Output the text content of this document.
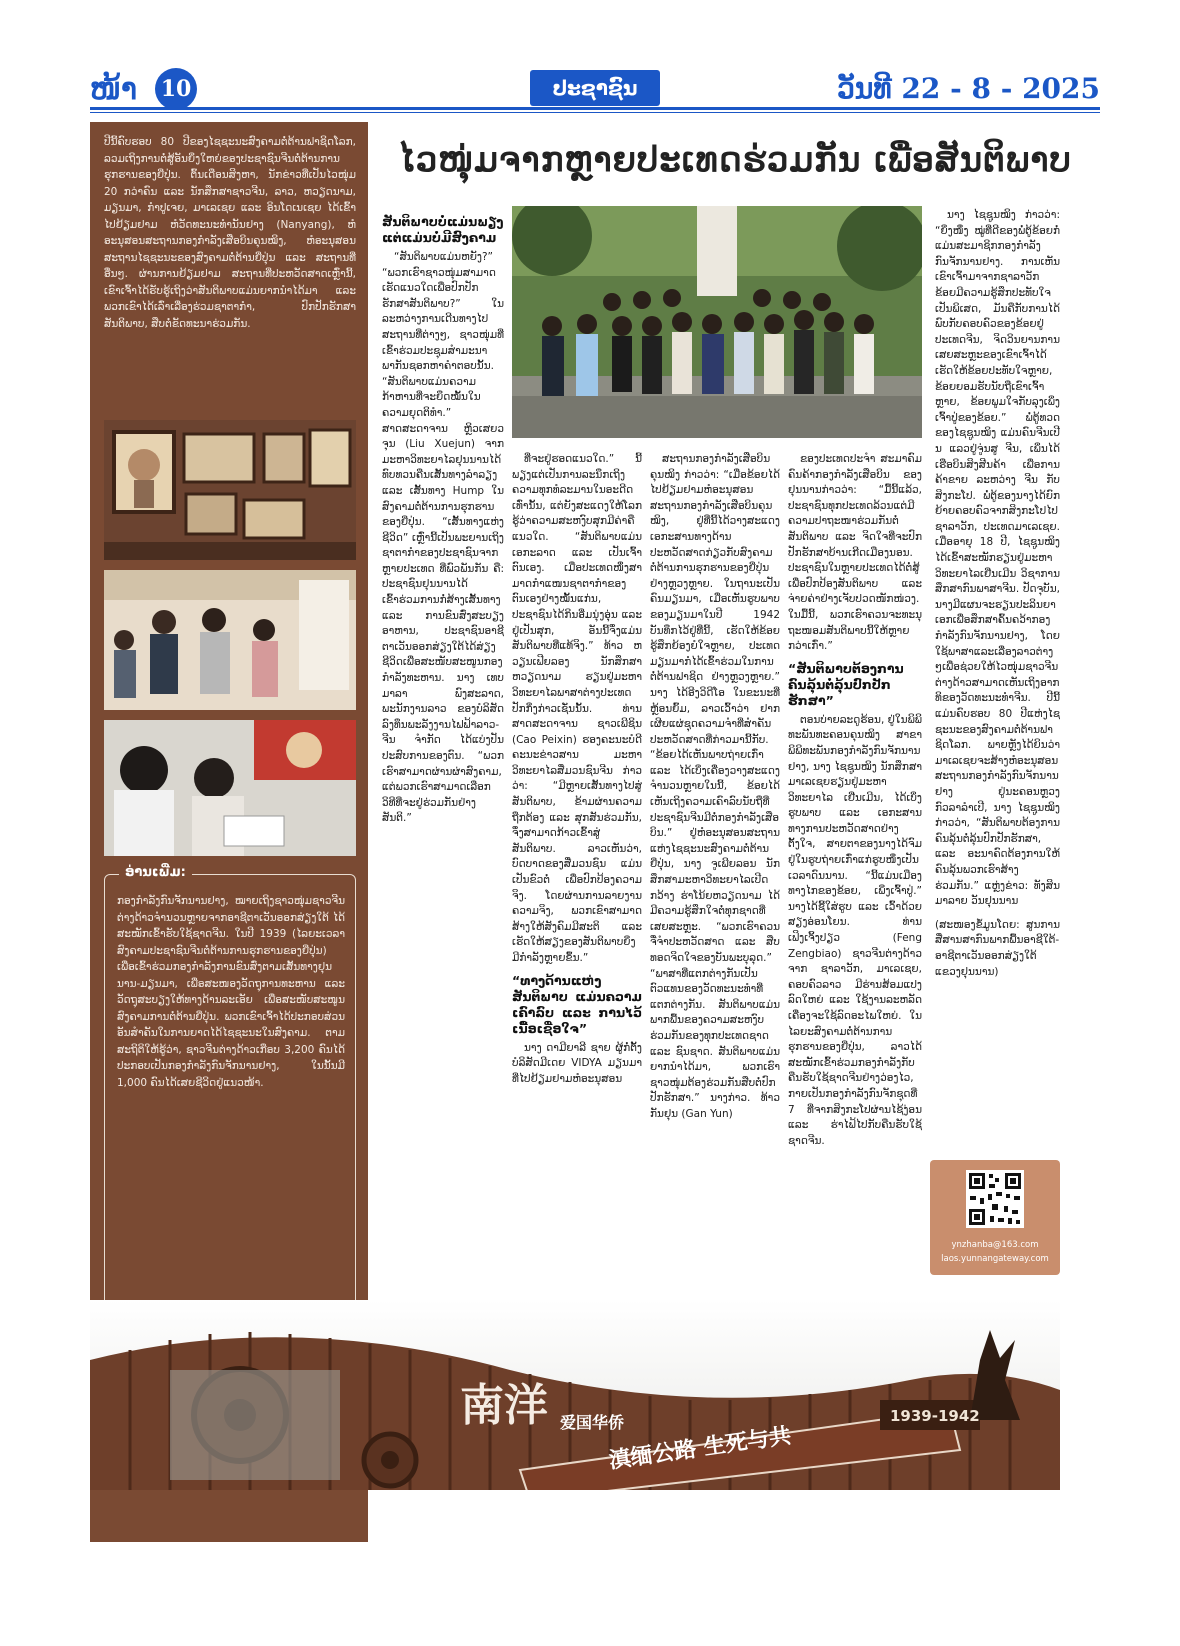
ໜ້າ 10	ປະຊາຊົນ	ວັນທີ 22 - 8 - 2025
ປີນີ້ຄົບຮອບ 80 ປີຂອງໄຊຊະນະສົງຄາມຕໍ່ຕ້ານຟາຊິດໂລກ, ລວມເຖິງການຕໍ່ສູ້ອັນຍິ່ງໃຫຍ່ຂອງປະຊາຊົນຈີນຕໍ່ຕ້ານການຮຸກຮານຂອງຍີ່ປຸ່ນ. ຕົ້ນເດືອນສິງຫາ, ນັກຂ່າວທີ່ເປັນໄວໜຸ່ມ 20 ກວ່າຄົນ ແລະ ນັກສຶກສາຊາວຈີນ, ລາວ, ຫວຽດນາມ, ມຽນມາ, ກຳປູເຈຍ, ມາເລເຊຍ ແລະ ອິນໂດເນເຊຍ ໄດ້ເຂົ້າໄປຢ້ຽມຢາມ ຫໍວັດທະນະທຳນັນຢາງ (Nanyang), ຫໍອະນຸສອນສະຖານກອງກຳລັງເສືອບິນຄຸນໝິງ, ຫໍອະນຸສອນສະຖານໄຊຊະນະຂອງສົງຄາມຕໍ່ຕ້ານຍີ່ປຸ່ນ ແລະ ສະຖານທີ່ອື່ນໆ. ຜ່ານການຢ້ຽມຢາມ ສະຖານທີ່ປະຫວັດສາດເຫຼົ່ານີ້, ເຂົາເຈົ້າໄດ້ຮັບຮູ້ເຖິງວ່າສັນຕິພາບແມ່ນຍາກນຳໄດ້ມາ ແລະ ພວກເຂົາໄດ້ເລົ່າເລື່ອງຮ່ວມຊາຕາກຳ, ປົກປັກຮັກສາສັນຕິພາບ, ສືບຕໍ່ຂັດທະນາຮ່ວມກັນ.
ອ່ານເພີ່ມ:
ກອງກຳລັງກົນຈັກນານຢາງ, ໝາຍເຖິງຊາວໜຸ່ມຊາວຈີນຕ່າງດ້າວຈຳນວນຫຼາຍຈາກອາຊີຕາເວັນອອກສ່ຽງໃຕ້ ໄດ້ສະໝັກເຂົ້າຮັບໃຊ້ຊາດຈີນ. ໃນປີ 1939 (ໄລຍະເວລາສົງຄາມປະຊາຊົນຈີນຕໍ່ຕ້ານການຮຸກຮານຂອງຍີ່ປຸ່ນ) ເພື່ອເຂົ້າຮ່ວມກອງກຳລັງການຂົນສົ່ງຕາມເສັ້ນທາງຢຸນນານ-ມຽນມາ, ເພື່ອສະໜອງວັດຖຸການທະຫານ ແລະ ວັດຖຸສະບຽງໃຫ້ທາງດ້ານລະເອັຍ ເພື່ອສະໜັບສະໜູນສົງຄາມການຕໍ່ຕ້ານຍີ່ປຸ່ນ. ພວກເຂົາເຈົ້າໄດ້ປະກອບສ່ວນອັນສຳຄັນໃນການຍາດໄດ້ໄຊຊະນະໃນສົງຄາມ. ຕາມສະຖິຕິໃຫ້ຮູ້ວ່າ, ຊາວຈີນຕ່າງດ້າວເກືອບ 3,200 ຄົນໄດ້ປະກອບເປັນກອງກຳລັງກົນຈັກນານຢາງ, ໃນນັ້ນມີ 1,000 ຄົນໄດ້ເສຍຊີວິດຢູ່ແນວໜ້າ.
ໄວໜຸ່ມຈາກຫຼາຍປະເທດຮ່ວມກັນ ເພື່ອສັນຕິພາບ
ສັນຕິພາບບໍ່ແມ່ນພຽງແຕ່ແມ່ນບໍ່ມີສົງຄາມ

“ສັນຕິພາບແມ່ນຫຍັງ?” “ພວກເຮົາຊາວໜຸ່ມສາມາດເຮັດແນວໃດເພື່ອປົກປັກຮັກສາສັນຕິພາບ?” ໃນລະຫວ່າງການເດີນທາງໄປສະຖານທີ່ຕ່າງໆ, ຊາວໜຸ່ມທີ່ເຂົ້າຮ່ວມປະຊຸມສຳມະນາພາກັນຊອກຫາຄຳຕອບນັ້ນ. “ສັນຕິພາບແມ່ນຄວາມກ້າຫານທີ່ຈະຍຶດໝັ້ນໃນຄວາມຍຸດຕິທຳ.” ສາດສະດາຈານ ຫຼິວເສຍວຈຸນ (Liu Xuejun) ຈາກມະຫາວິທະຍາໄລຢຸນນານໄດ້ທົບທວນຄືນເສັ້ນທາງລຳລຽງ ແລະ ເສັ້ນທາງ Hump ໃນສົງຄາມຕໍ່ຕ້ານການຮຸກຮານຂອງຍີ່ປຸ່ນ. “ເສັ້ນທາງແຫ່ງຊີວິດ” ເຫຼົ່ານີ້ເປັນພະຍານເຖິງຊາຕາກຳຂອງປະຊາຊົນຈາກຫຼາຍປະເທດ ທີ່ພົວພັນກັນ ຄື: ປະຊາຊົນຢຸນນານໄດ້ເຂົ້າຮ່ວມການກໍ່ສ້າງເສັ້ນທາງ ແລະ ການຂົນສົ່ງສະບຽງອາຫານ, ປະຊາຊົນອາຊີຕາເວັນອອກສ່ຽງໃຕ້ໄດ້ສ່ຽງຊີວິດເພື່ອສະໜັບສະໜູນກອງກຳລັງທະຫານ. ນາງ ເທບມາລາ ພົງສະລາດ, ພະນັກງານລາວ ຂອງບໍລິສັດລົງທຶນພະລັງງານໄຟຟ້າລາວ-ຈີນ ຈຳກັດ ໄດ້ແບ່ງປັນປະສົບການຂອງຕົນ. “ພວກເຮົາສາມາດຜ່ານຜ່າສົງຄາມ, ແຕ່ພວກເຮົາສາມາດເລືອກວິທີທີ່ຈະຢູ່ຮ່ວມກັນຢ່າງສັນຕິ.”

ທີ່ຈະຢູ່ຮອດແນວໃດ.” ນີ້ພຽງແຕ່ເປັນການລະນຶກເຖິງຄວາມທຸກທໍລະມານໃນອະດີດເທົ່ານັ້ນ, ແຕ່ຍັງສະແດງໃຫ້ໂລກຮູ້ວ່າຄວາມສະຫງົບສຸກມີຄ່າຄືແນວໃດ. “ສັນຕິພາບແມ່ນເອກະລາດ ແລະ ເປັນເຈົ້າຕົນເອງ. ເມື່ອປະເທດໜຶ່ງສາມາດກຳແໜນຊາຕາກຳຂອງຕົນເອງຢ່າງໝັ້ນແກ່ນ, ປະຊາຊົນໄດ້ກິນອີ່ມນຸ່ງອຸ່ນ ແລະ ຢູ່ເປັນສຸກ, ອັນນີ້ຈຶ່ງແມ່ນສັນຕິພາບທີ່ແທ້ຈິງ.” ທ້າວ ຫວຽນເຟີຍລອງ ນັກສຶກສາຫວຽດນາມ ຮຽນຢູ່ມະຫາວິທະຍາໄລພາສາຕ່າງປະເທດປັກກິ່ງກ່າວເຊັ່ນນັ້ນ. ທ່ານ ສາດສະດາຈານ ຊາວເພີຊິນ (Cao Peixin) ຮອງຄະນະບໍດີຄະນະຂ່າວສານ ມະຫາວິທະຍາໄລສື່ມວນຊົນຈີນ ກ່າວວ່າ: “ມີຫຼາຍເສັ້ນທາງໄປສູ່ສັນຕິພາບ, ຂ້າມຜ່ານຄວາມຖືກຕ້ອງ ແລະ ສຸກສັນຮ່ວມກັນ, ຈຶ່ງສາມາດກ້າວເຂົ້າສູ່ສັນຕິພາບ. ລາວເຫັນວ່າ, ບົດບາດຂອງສື່ມວນຊົນ ແມ່ນເປັນຂົວຕໍ່ ເພື່ອປົກປ້ອງຄວາມຈິງ. ໂດຍຜ່ານການລາຍງານຄວາມຈິງ, ພວກເຂົາສາມາດສ້າງໃຫ້ສັງຄົມມີສະຕິ ແລະ ເຮັດໃຫ້ສຽງຂອງສັນຕິພາບຍິ່ງມີກຳລັງຫຼາຍຂຶ້ນ.”

“ທາງດ້ານແຫ່ງສັນຕິພາບ ແມ່ນຄວາມເຄົາລົບ ແລະ ການໄວ້ເນື້ອເຊື່ອໃຈ”

ນາງ ດາມີຍາລີ ຊາຍ ຜູ້ກໍ່ຕັ້ງບໍລິສັດມີເດຍ VIDYA ມຽນມາ ທີ່ໄປຢ້ຽມຢາມຫໍອະນຸສອນ

ສະຖານກອງກຳລັງເສືອບິນຄຸນໝິງ ກ່າວວ່າ: “ເມື່ອຂ້ອຍໄດ້ໄປຢ້ຽມຢາມຫໍອະນຸສອນສະຖານກອງກຳລັງເສືອບິນຄຸນໝິງ, ຢູ່ທີ່ນີ້ໄດ້ວາງສະແດງເອກະສານທາງດ້ານປະຫວັດສາດກ່ຽວກັບສົງຄາມຕໍ່ຕ້ານການຮຸກຮານຂອງຍີ່ປຸ່ນຢ່າງຫຼວງຫຼາຍ. ໃນຖານະເປັນຄົນມຽນມາ, ເມື່ອເຫັນຮູບພາບຂອງມຽນມາໃນປີ 1942 ບັນທຶກໄວ້ຢູ່ທີ່ນີ້, ເຮັດໃຫ້ຂ້ອຍຮູ້ສຶກຍ້ອງຍໍໃຈຫຼາຍ, ປະເທດມຽນມາກໍໄດ້ເຂົ້າຮ່ວມໃນການຕໍ່ຕ້ານຟາຊິດ ຢ່າງຫຼວງຫຼາຍ.” ນາງ ໄດ້ອີງວິດີໂອ ໃນຂະນະທີ່ຫຼ້ອນຍົ້ມ, ລາວເວົ້າວ່າ ຢາກເຜີຍແຜ່ຊຸດຄວາມຈຳທີ່ສຳຄັນ ປະຫວັດສາດທີ່ກ່າວມານີ້ກັບ. “ຂ້ອຍໄດ້ເຫັນພາບຖ່າຍເກົ່າ ແລະ ໄດ້ເບິ່ງເຄື່ອງວາງສະແດງຈຳນວນຫຼາຍໃນນີ້, ຂ້ອຍໄດ້ເຫັນເຖິງຄວາມເຄົາລົບນັບຖືທີ່ປະຊາຊົນຈີນມີຕໍ່ກອງກຳລັງເສືອບິນ.” ຢູ່ຫໍອະນຸສອນສະຖານແຫ່ງໄຊຊະນະສົງຄາມຕໍ່ຕ້ານຍີ່ປຸ່ນ, ນາງ ຈູເພີຍລອນ ນັກສຶກສາມະຫາວິທະຍາໄລເປີດກວ້າງ ຮ່າໂນ້ຍຫວຽດນາມ ໄດ້ມີຄວາມຮູ້ສຶກໃຈຕໍ່ທຸກຊາດທີ່ເສຍສະຫຼະ. “ພວກເຮົາຄວນຈື່ຈຳປະຫວັດສາດ ແລະ ສືບທອດຈິດໃຈຂອງບັນພະບຸລຸດ.” “ພາສາທີ່ແຕກຕ່າງກັນເປັນຕົວແທນຂອງວັດທະນະທຳທີ່ແຕກຕ່າງກັນ. ສັນຕິພາບແມ່ນພາກພື້ນຂອງຄວາມສະຫງົບຮ່ວມກັນຂອງທຸກປະເທດຊາດ ແລະ ຊົນຊາດ. ສັນຕິພາບແມ່ນຍາກນຳໄດ້ມາ, ພວກເຮົາຊາວໜຸ່ມຕ້ອງຮ່ວມກັນສືບຕໍ່ປົກປັກຮັກສາ.” ນາງກ່າວ. ທ້າວ ກັນຢຸນ (Gan Yun)

ຂອງປະເທດປະຈຳ ສະມາຄົມຄົນຄ້າກອງກຳລັງເສືອບິນ ຂອງຢຸນນານກ່າວວ່າ: “ມື້ນີ້ແລ້ວ, ປະຊາຊົນທຸກປະເທດລ້ວນແຕ່ມີຄວາມປາຖະໜາຮ່ວມກັນຕໍ່ສັນຕິພາບ ແລະ ຈິດໃຈທີ່ຈະປົກປັກຮັກສາບ້ານເກີດເມືອງນອນ. ປະຊາຊົນໃນຫຼາຍປະເທດໄດ້ຕໍ່ສູ້ເພື່ອປົກປ້ອງສັນຕິພາບ ແລະ ຈ່າຍຄ່າຢ່າງເຈັບປວດໜັກໜ່ວງ. ໃນມື້ນີ້, ພວກເຮົາຄວນຈະທະນຸຖະໜອມສັນຕິພາບນີ້ໃຫ້ຫຼາຍກວ່າເກົ່າ.”

“ສັນຕິພາບຕ້ອງການຄົນລຸ້ນຕໍ່ລຸ້ນປົກປັກຮັກສາ”

ຕອນບ່າຍລະດູຮ້ອນ, ຢູ່ໃນພິພິທະພັນທະຄອນຄຸນໝິງ ສາຂາພິພິທະພັນກອງກຳລັງກົນຈັກນານຢາງ, ນາງ ໄຊຊູນໝິງ ນັກສຶກສາມາເລເຊຍຮຽນຢູ່ມະຫາວິທະຍາໄລ ເຢີ່ນເມີນ, ໄດ້ເບິ່ງຮູບພາບ ແລະ ເອກະສານທາງການປະຫວັດສາດຢ່າງຕັ້ງໃຈ, ສາຍຕາຂອງນາງໄດ້ຈົມຢູ່ໃນຮູບຖ່າຍເກົ່າແກ່ຮູບໜຶ່ງເປັນເວລາດົນນານ. “ນີ້ແມ່ນເມືອງທາງໄກຂອງຂ້ອຍ, ເພິ່ງເຈົ້າປູ່.” ນາງໄດ້ຊີ້ໃສ່ຮູບ ແລະ ເວົ້າດ້ວຍສຽງອ່ອນໂຍນ. ທ່ານ ເຟິງເຈິ້ງປຽວ (Feng Zengbiao) ຊາວຈີນຕ່າງດ້າວຈາກ ຊາລາວັກ, ມາເລເຊຍ, ຄອບຄົວລາວ ມີຮ່ານສ້ອມແປງລົດໃຫຍ່ ແລະ ໃຊ້ງານລະຫລັດເຄື່ອງຈະໃຊ້ລົດອະໄພໃຫຍ່. ໃນໄລຍະສົງຄາມຕໍ່ຕ້ານການຮຸກຮານຂອງຍີ່ປຸ່ນ, ລາວໄດ້ສະໝັກເຂົ້າຮ່ວມກອງກຳລັງກັບຄືນຮັບໃຊ້ຊາດຈີນຢ່າງວ່ອງໄວ, ກາຍເປັນກອງກຳລັງກົນຈັກຊຸດທີ່ 7 ທີ່ຈາກສິງກະໂປຜ່ານໄຊ້ງ່ອນ ແລະ ຮ່າໄຟ້ໄປກັບຄືນຮັບໃຊ້ຊາດຈີນ.

ນາງ ໄຊຊູນໝິງ ກ່າວວ່າ: “ຍິ່ງໜຶ່ງ ໝູ່ທີ່ດີຂອງພໍ່ຕູ້ຂ້ອຍກໍ່ແມ່ນສະມາຊິກກອງກຳລັງກົນຈັກນານຢາງ. ການເຫັນເຂົາເຈົ້າມາຈາກຊາລາວັກ ຂ້ອຍມີຄວາມຮູ້ສຶກປະທັບໃຈເປັນພິເສດ, ມັນຄືກັບການໄດ້ພົບກັບຄອບຄົວຂອງຂ້ອຍຢູ່ປະເທດຈີນ, ຈິດວິນຍານການເສຍສະຫຼະຂອງເຂົາເຈົ້າໄດ້ເຮັດໃຫ້ຂ້ອຍປະທັບໃຈຫຼາຍ, ຂ້ອຍຍອມຮັບນັບຖືເຂົາເຈົ້າຫຼາຍ, ຂ້ອຍພູມໃຈກັບລຸງເພິ່ງເຈົ້າປູ່ຂອງຂ້ອຍ.” ພໍ່ຕູ້ທວດຂອງໄຊຊູນໝິງ ແມ່ນຄົນຈີນເປີນ ແລວຢູ່ຈູ່ນສູ ຈີນ, ເພິ່ນໄດ້ເຮືອບິນສິງສີນຄ້າ ເພື່ອການຄ້າຂາຍ ລະຫວ່າງ ຈີນ ກັບ ສິງກະໂປ. ພໍ່ຕູ້ຂອງນາງໄດ້ຍົກຍ້າຍຄອບຄົວຈາກສິງກະໂປໄປຊາລາວັກ, ປະເທດມາເລເຊຍ. ເມື່ອອາຍຸ 18 ປີ, ໄຊຊູນໝິງ ໄດ້ເຂົ້າສະໝັກຮຽນຢູ່ມະຫາວິທະຍາໄລເຢີ່ນເມີນ ວິຊາການສຶກສາກົນພາສາຈີນ. ປັດຈຸບັນ, ນາງມີແຜນຈະຮຽນປະລິນຍາເອກເພື່ອສຶກສາຄົ້ນຄວ້າກອງກຳລັງກົນຈັກນານຢາງ, ໂດຍໃຊ້ພາສາແລະເລື່ອງລາວຕ່າງໆເພື່ອຊ່ວຍໃຫ້ໄວໜຸ່ມຊາວຈີນຕ່າງດ້າວສາມາດເຫັນເຖິງອາກທິຂອງວັດທະນະທຳຈີນ. ປີນີ້ແມ່ນຄົບຮອບ 80 ປີແຫ່ງໄຊຊະນະຂອງສົງຄາມຕໍ່ຕ້ານຟາຊິດໂລກ. ພາຍຫຼັງໄດ້ຍິນວ່າມາເລເຊຍຈະສ້າງຫໍອະນຸສອນສະຖານກອງກຳລັງກົນຈັກນານຢາງ ຢູ່ນະຄອນຫຼວງກົວລາລຳເປີ, ນາງ ໄຊຊູນໝິງ ກ່າວວ່າ, “ສັນຕິພາບຕ້ອງການຄົນລຸ້ນຕໍ່ລຸ້ນປົກປັກຮັກສາ, ແລະ ອະນາຄົດຕ້ອງການໃຫ້ຄົນລຸ້ນພວກເຮົາສ້າງຮ່ວມກັນ.” ແຫຼ່ງຂ່າວ: ທັງສິນມາລາຍ ວັນຢຸນນານ

(ສະໜອງຂໍ້ມູນໂດຍ: ສູນການສື່ສານສາກົນພາກພື້ນອາຊີໃຕ້-ອາຊີຕາເວັນອອກສ່ຽງໃຕ້ ແຂວງຢຸນນານ)

ynzhanba@163.com
laos.yunnangateway.com
南洋 爱国华侨
滇缅公路 生死与共
1939-1942
